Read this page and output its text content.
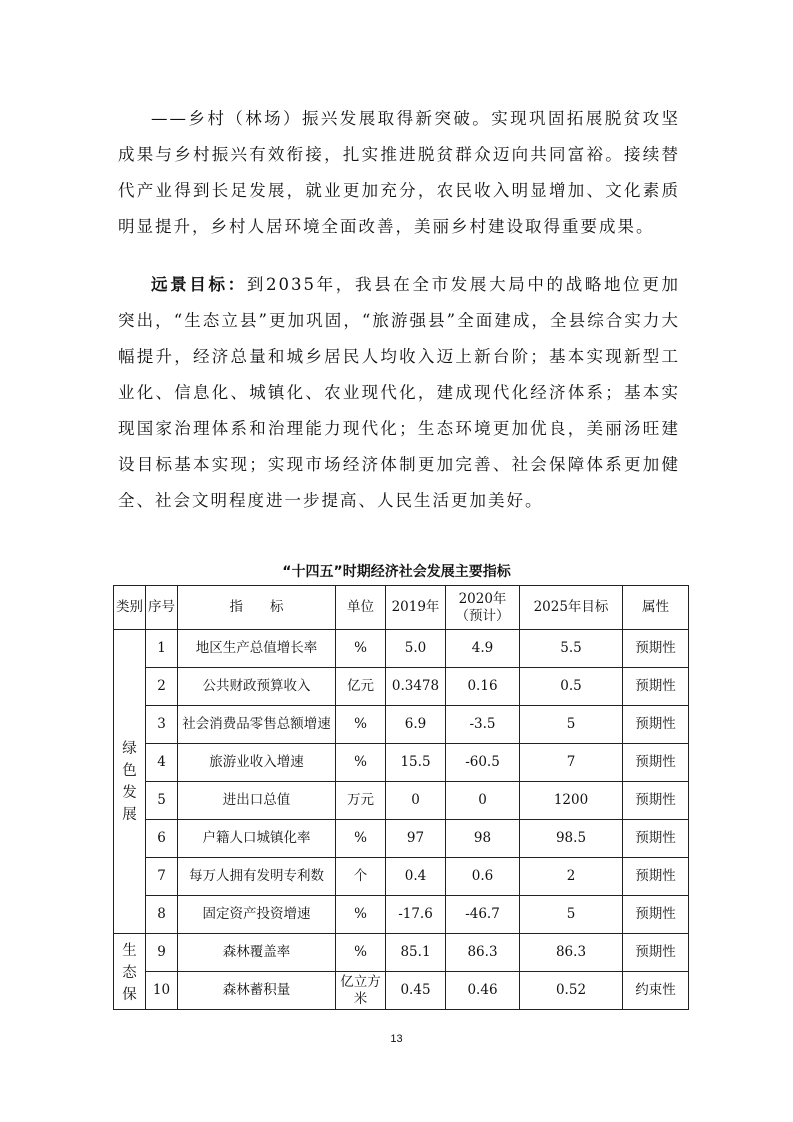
——乡村（林场）振兴发展取得新突破。实现巩固拓展脱贫攻坚成果与乡村振兴有效衔接，扎实推进脱贫群众迈向共同富裕。接续替代产业得到长足发展，就业更加充分，农民收入明显增加、文化素质明显提升，乡村人居环境全面改善，美丽乡村建设取得重要成果。

远景目标：到2035年，我县在全市发展大局中的战略地位更加突出，“生态立县”更加巩固，“旅游强县”全面建成，全县综合实力大幅提升，经济总量和城乡居民人均收入迈上新台阶；基本实现新型工业化、信息化、城镇化、农业现代化，建成现代化经济体系；基本实现国家治理体系和治理能力现代化；生态环境更加优良，美丽汤旺建设目标基本实现；实现市场经济体制更加完善、社会保障体系更加健全、社会文明程度进一步提高、人民生活更加美好。

“十四五”时期经济社会发展主要指标
类别	序号	指　　标	单位	2019年	2020年（预计）	2025年目标	属性

绿
色
发
展	1	地区生产总值增长率	%	5.0	4.9	5.5	预期性
	2	公共财政预算收入	亿元	0.3478	0.16	0.5	预期性
	3	社会消费品零售总额增速	%	6.9	-3.5	5	预期性
	4	旅游业收入增速	%	15.5	-60.5	7	预期性
	5	进出口总值	万元	0	0	1200	预期性
	6	户籍人口城镇化率	%	97	98	98.5	预期性
	7	每万人拥有发明专利数	个	0.4	0.6	2	预期性
	8	固定资产投资增速	%	-17.6	-46.7	5	预期性

生
态
保	9	森林覆盖率	%	85.1	86.3	86.3	预期性
	10	森林蓄积量	亿立方米	0.45	0.46	0.52	约束性
13
